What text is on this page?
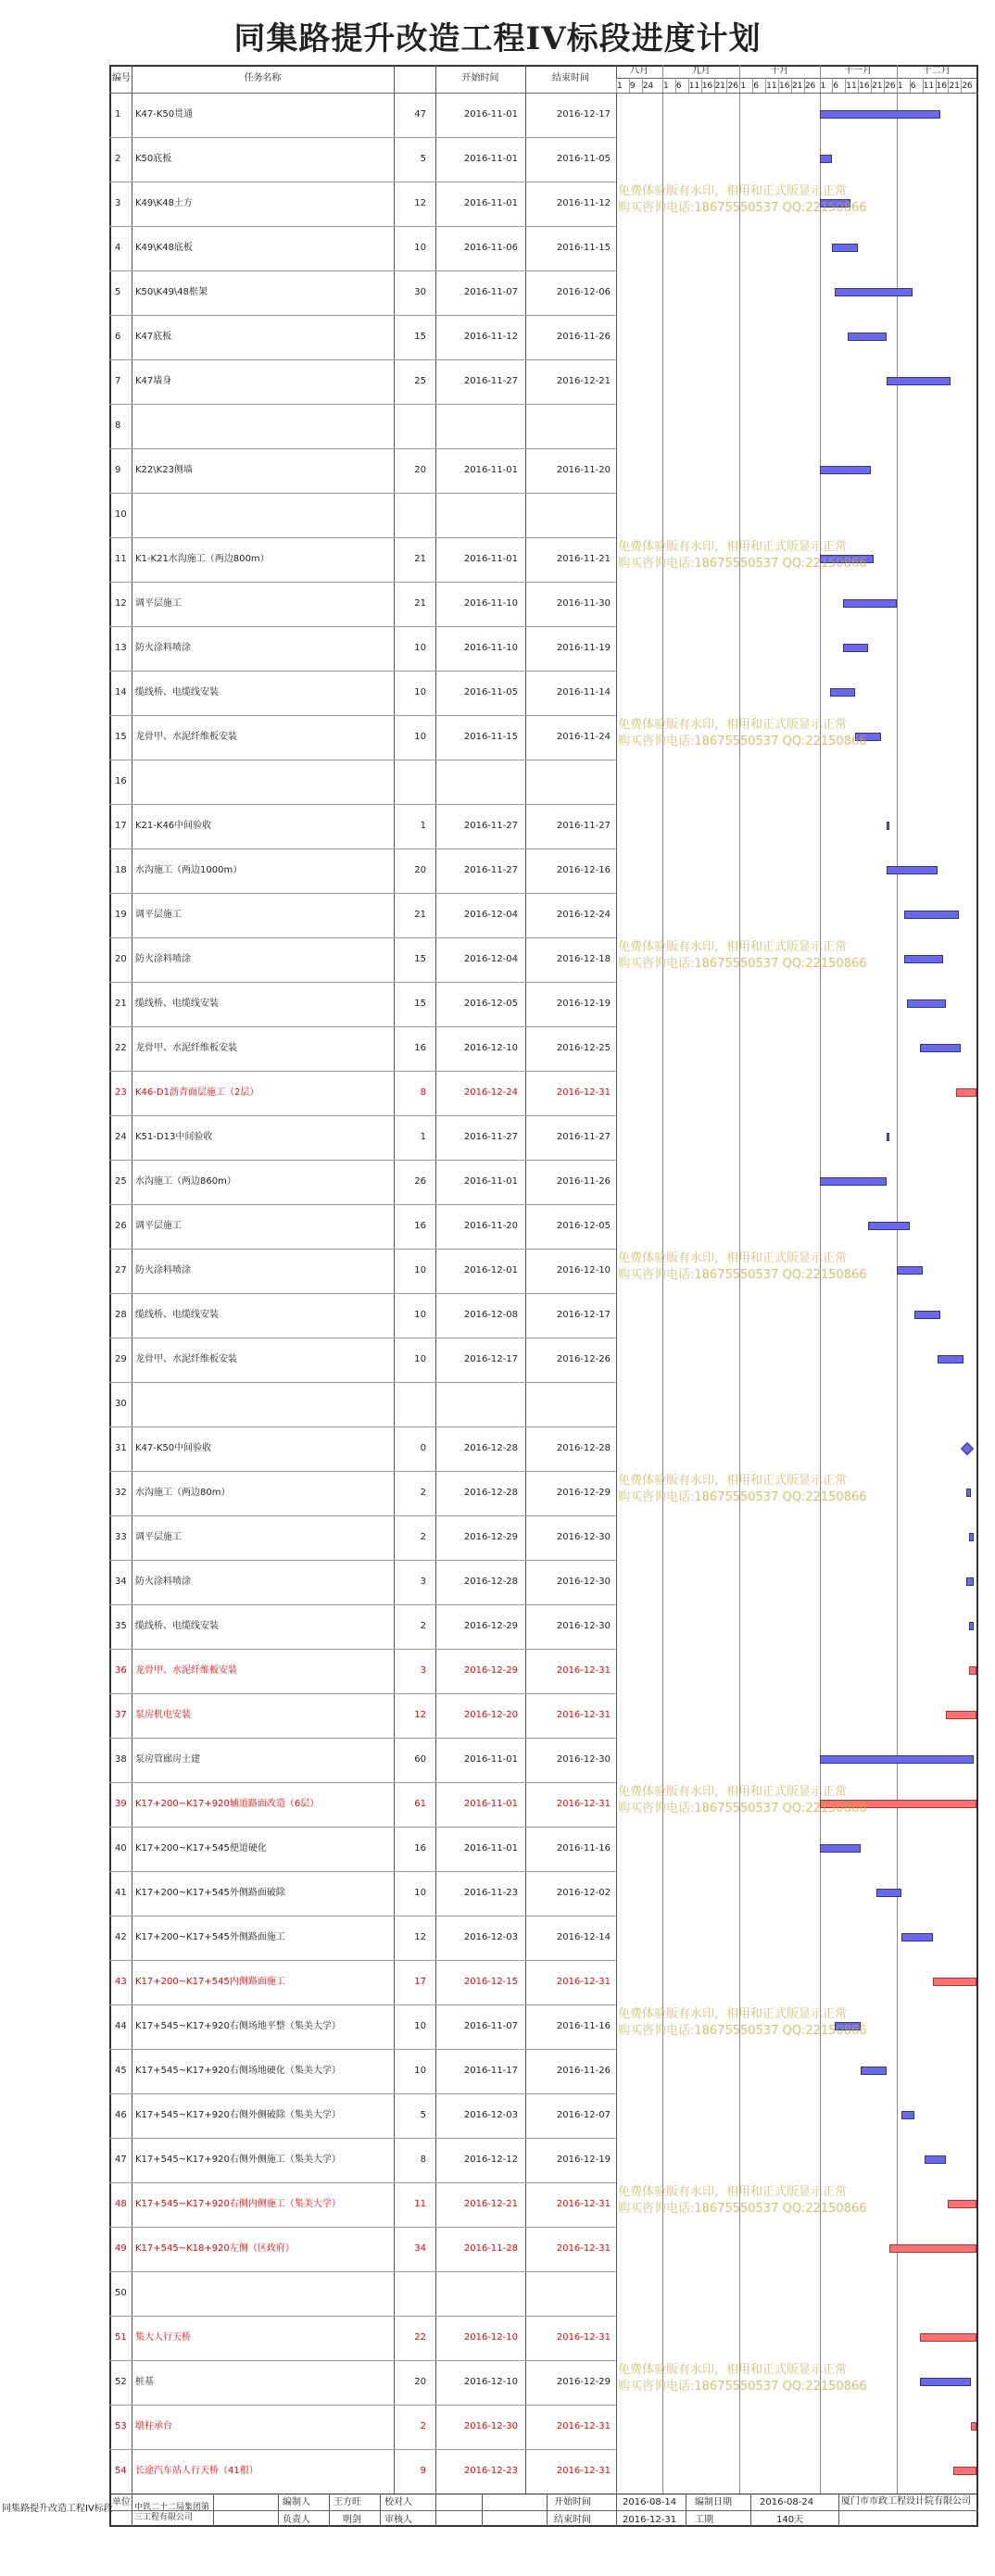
同集路提升改造工程IV标段进度计划
编号	任务名称	开始时间	结束时间
八月	九月	十月	十一月	十二月
1 9 24 1 6 11 16 21 26 1 6 11 16 21 26 1 6 11 16 21 26 1 6 11 16 21 26
1 K47-K50贯通	47	2016-11-01	2016-12-17
2 K50底板	5	2016-11-01	2016-11-05
3 K49\K48土方	12	2016-11-01	2016-11-12
4 K49\K48底板	10	2016-11-06	2016-11-15
5 K50\K49\48框架	30	2016-11-07	2016-12-06
6 K47底板	15	2016-11-12	2016-11-26
7 K47墙身	25	2016-11-27	2016-12-21
8
9 K22\K23侧墙	20	2016-11-01	2016-11-20
10
11 K1-K21水沟施工（两边800m）	21	2016-11-01	2016-11-21
12 调平层施工	21	2016-11-10	2016-11-30
13 防火涂料喷涂	10	2016-11-10	2016-11-19
14 缆线桥、电缆线安装	10	2016-11-05	2016-11-14
15 龙骨甲、水泥纤维板安装	10	2016-11-15	2016-11-24
16
17 K21-K46中间验收	1	2016-11-27	2016-11-27
18 水沟施工（两边1000m）	20	2016-11-27	2016-12-16
19 调平层施工	21	2016-12-04	2016-12-24
20 防火涂料喷涂	15	2016-12-04	2016-12-18
21 缆线桥、电缆线安装	15	2016-12-05	2016-12-19
22 龙骨甲、水泥纤维板安装	16	2016-12-10	2016-12-25
23 K46-D1沥青面层施工（2层）	8	2016-12-24	2016-12-31
24 K51-D13中间验收	1	2016-11-27	2016-11-27
25 水沟施工（两边860m）	26	2016-11-01	2016-11-26
26 调平层施工	16	2016-11-20	2016-12-05
27 防火涂料喷涂	10	2016-12-01	2016-12-10
28 缆线桥、电缆线安装	10	2016-12-08	2016-12-17
29 龙骨甲、水泥纤维板安装	10	2016-12-17	2016-12-26
30
31 K47-K50中间验收	0	2016-12-28	2016-12-28
32 水沟施工（两边80m）	2	2016-12-28	2016-12-29
33 调平层施工	2	2016-12-29	2016-12-30
34 防火涂料喷涂	3	2016-12-28	2016-12-30
35 缆线桥、电缆线安装	2	2016-12-29	2016-12-30
36 龙骨甲、水泥纤维板安装	3	2016-12-29	2016-12-31
37 泵房机电安装	12	2016-12-20	2016-12-31
38 泵房管廊房土建	60	2016-11-01	2016-12-30
39 K17+200~K17+920辅道路面改造（6层）	61	2016-11-01	2016-12-31
40 K17+200~K17+545便道硬化	16	2016-11-01	2016-11-16
41 K17+200~K17+545外侧路面破除	10	2016-11-23	2016-12-02
42 K17+200~K17+545外侧路面施工	12	2016-12-03	2016-12-14
43 K17+200~K17+545内侧路面施工	17	2016-12-15	2016-12-31
44 K17+545~K17+920右侧场地平整（集美大学）	10	2016-11-07	2016-11-16
45 K17+545~K17+920右侧场地硬化（集美大学）	10	2016-11-17	2016-11-26
46 K17+545~K17+920右侧外侧破除（集美大学）	5	2016-12-03	2016-12-07
47 K17+545~K17+920右侧外侧施工（集美大学）	8	2016-12-12	2016-12-19
48 K17+545~K17+920右侧内侧施工（集美大学）	11	2016-12-21	2016-12-31
49 K17+545~K18+920左侧（区政府）	34	2016-11-28	2016-12-31
50
51 集大人行天桥	22	2016-12-10	2016-12-31
52 桩基	20	2016-12-10	2016-12-29
53 墩柱承台	2	2016-12-30	2016-12-31
54 长途汽车站人行天桥（41根）	9	2016-12-23	2016-12-31
免费体验版有水印，相用和正式版显示正常
购买咨询电话:18675550537 QQ:22150866
免费体验版有水印，相用和正式版显示正常
购买咨询电话:18675550537 QQ:22150866
免费体验版有水印，相用和正式版显示正常
购买咨询电话:18675550537 QQ:22150866
免费体验版有水印，相用和正式版显示正常
购买咨询电话:18675550537 QQ:22150866
免费体验版有水印，相用和正式版显示正常
购买咨询电话:18675550537 QQ:22150866
免费体验版有水印，相用和正式版显示正常
购买咨询电话:18675550537 QQ:22150866
免费体验版有水印，相用和正式版显示正常
购买咨询电话:18675550537 QQ:22150866
免费体验版有水印，相用和正式版显示正常
购买咨询电话:18675550537 QQ:22150866
免费体验版有水印，相用和正式版显示正常
购买咨询电话:18675550537 QQ:22150866
免费体验版有水印，相用和正式版显示正常
购买咨询电话:18675550537 QQ:22150866
同集路提升改造工程IV标段
单位 中铁二十二局集团第三工程有限公司
编制人	王方旺	校对人
负责人	明剑	审核人
开始时间	2016-08-14 编制日期	2016-08-24
结束时间	2016-12-31 工期	140天
厦门市市政工程设计院有限公司
